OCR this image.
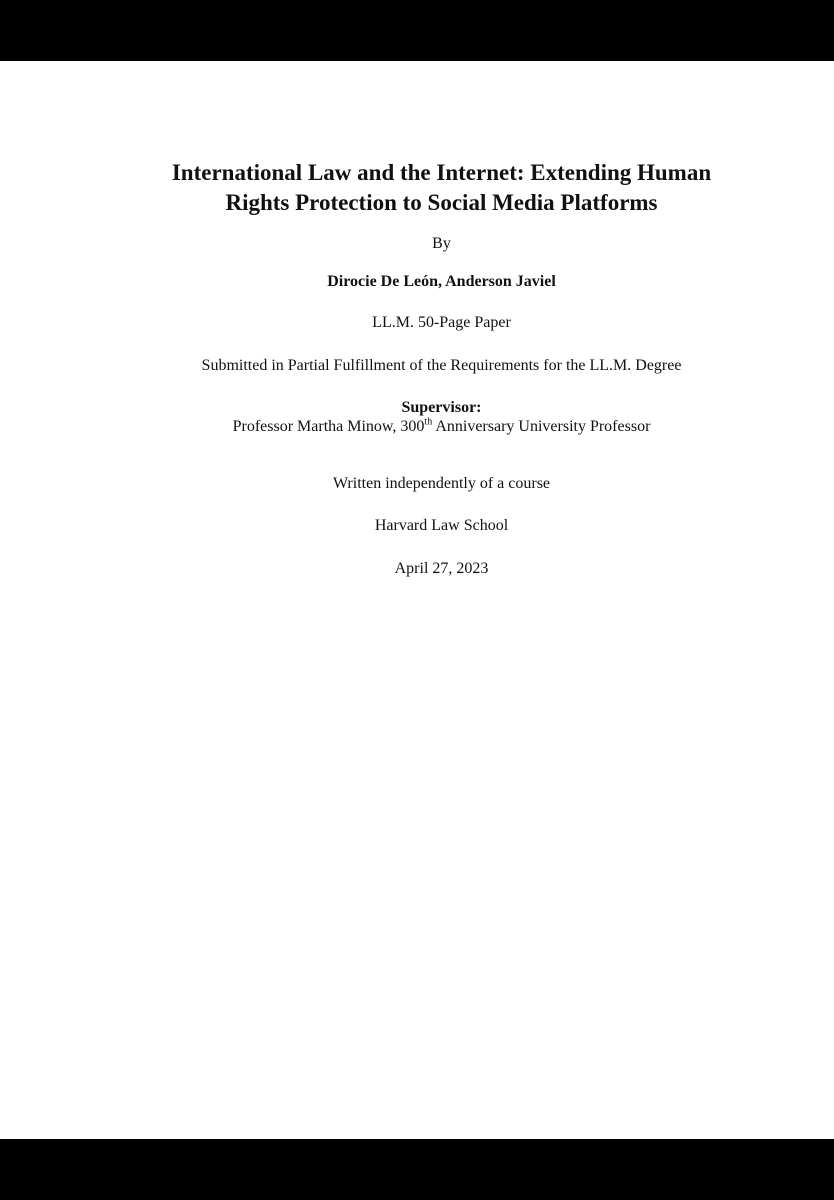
International Law and the Internet: Extending Human
Rights Protection to Social Media Platforms
By
Dirocie De León, Anderson Javiel
LL.M. 50-Page Paper
Submitted in Partial Fulfillment of the Requirements for the LL.M. Degree
Supervisor:
Professor Martha Minow, 300th Anniversary University Professor
Written independently of a course
Harvard Law School
April 27, 2023
